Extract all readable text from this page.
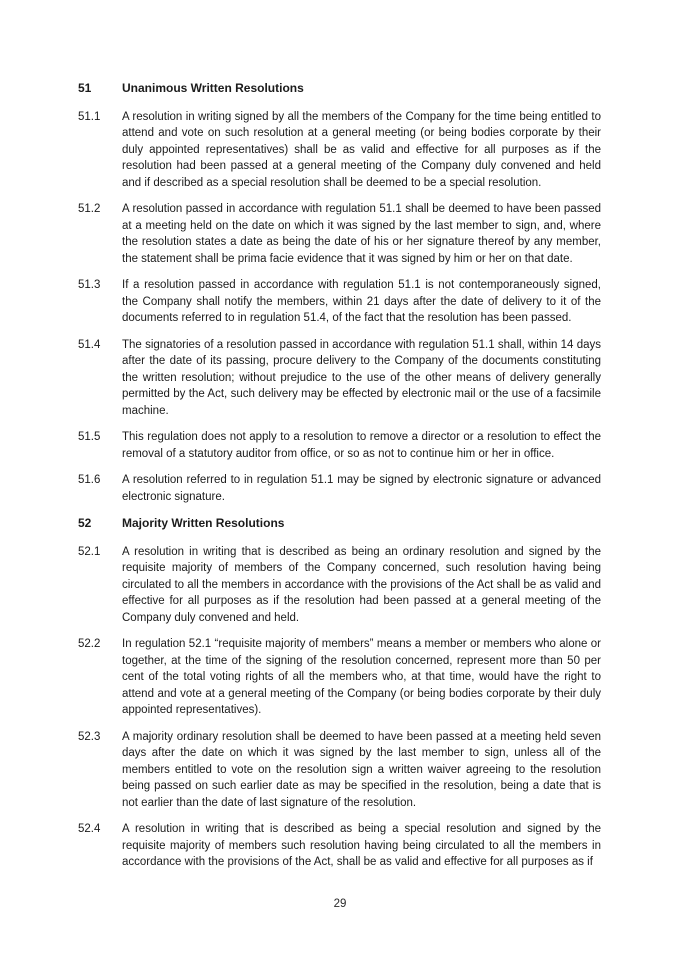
51	Unanimous Written Resolutions
51.1	A resolution in writing signed by all the members of the Company for the time being entitled to attend and vote on such resolution at a general meeting (or being bodies corporate by their duly appointed representatives) shall be as valid and effective for all purposes as if the resolution had been passed at a general meeting of the Company duly convened and held and if described as a special resolution shall be deemed to be a special resolution.
51.2	A resolution passed in accordance with regulation 51.1 shall be deemed to have been passed at a meeting held on the date on which it was signed by the last member to sign, and, where the resolution states a date as being the date of his or her signature thereof by any member, the statement shall be prima facie evidence that it was signed by him or her on that date.
51.3	If a resolution passed in accordance with regulation 51.1 is not contemporaneously signed, the Company shall notify the members, within 21 days after the date of delivery to it of the documents referred to in regulation 51.4, of the fact that the resolution has been passed.
51.4	The signatories of a resolution passed in accordance with regulation 51.1 shall, within 14 days after the date of its passing, procure delivery to the Company of the documents constituting the written resolution; without prejudice to the use of the other means of delivery generally permitted by the Act, such delivery may be effected by electronic mail or the use of a facsimile machine.
51.5	This regulation does not apply to a resolution to remove a director or a resolution to effect the removal of a statutory auditor from office, or so as not to continue him or her in office.
51.6	A resolution referred to in regulation 51.1 may be signed by electronic signature or advanced electronic signature.
52	Majority Written Resolutions
52.1	A resolution in writing that is described as being an ordinary resolution and signed by the requisite majority of members of the Company concerned, such resolution having being circulated to all the members in accordance with the provisions of the Act shall be as valid and effective for all purposes as if the resolution had been passed at a general meeting of the Company duly convened and held.
52.2	In regulation 52.1 “requisite majority of members” means a member or members who alone or together, at the time of the signing of the resolution concerned, represent more than 50 per cent of the total voting rights of all the members who, at that time, would have the right to attend and vote at a general meeting of the Company (or being bodies corporate by their duly appointed representatives).
52.3	A majority ordinary resolution shall be deemed to have been passed at a meeting held seven days after the date on which it was signed by the last member to sign, unless all of the members entitled to vote on the resolution sign a written waiver agreeing to the resolution being passed on such earlier date as may be specified in the resolution, being a date that is not earlier than the date of last signature of the resolution.
52.4	A resolution in writing that is described as being a special resolution and signed by the requisite majority of members such resolution having being circulated to all the members in accordance with the provisions of the Act, shall be as valid and effective for all purposes as if
29
